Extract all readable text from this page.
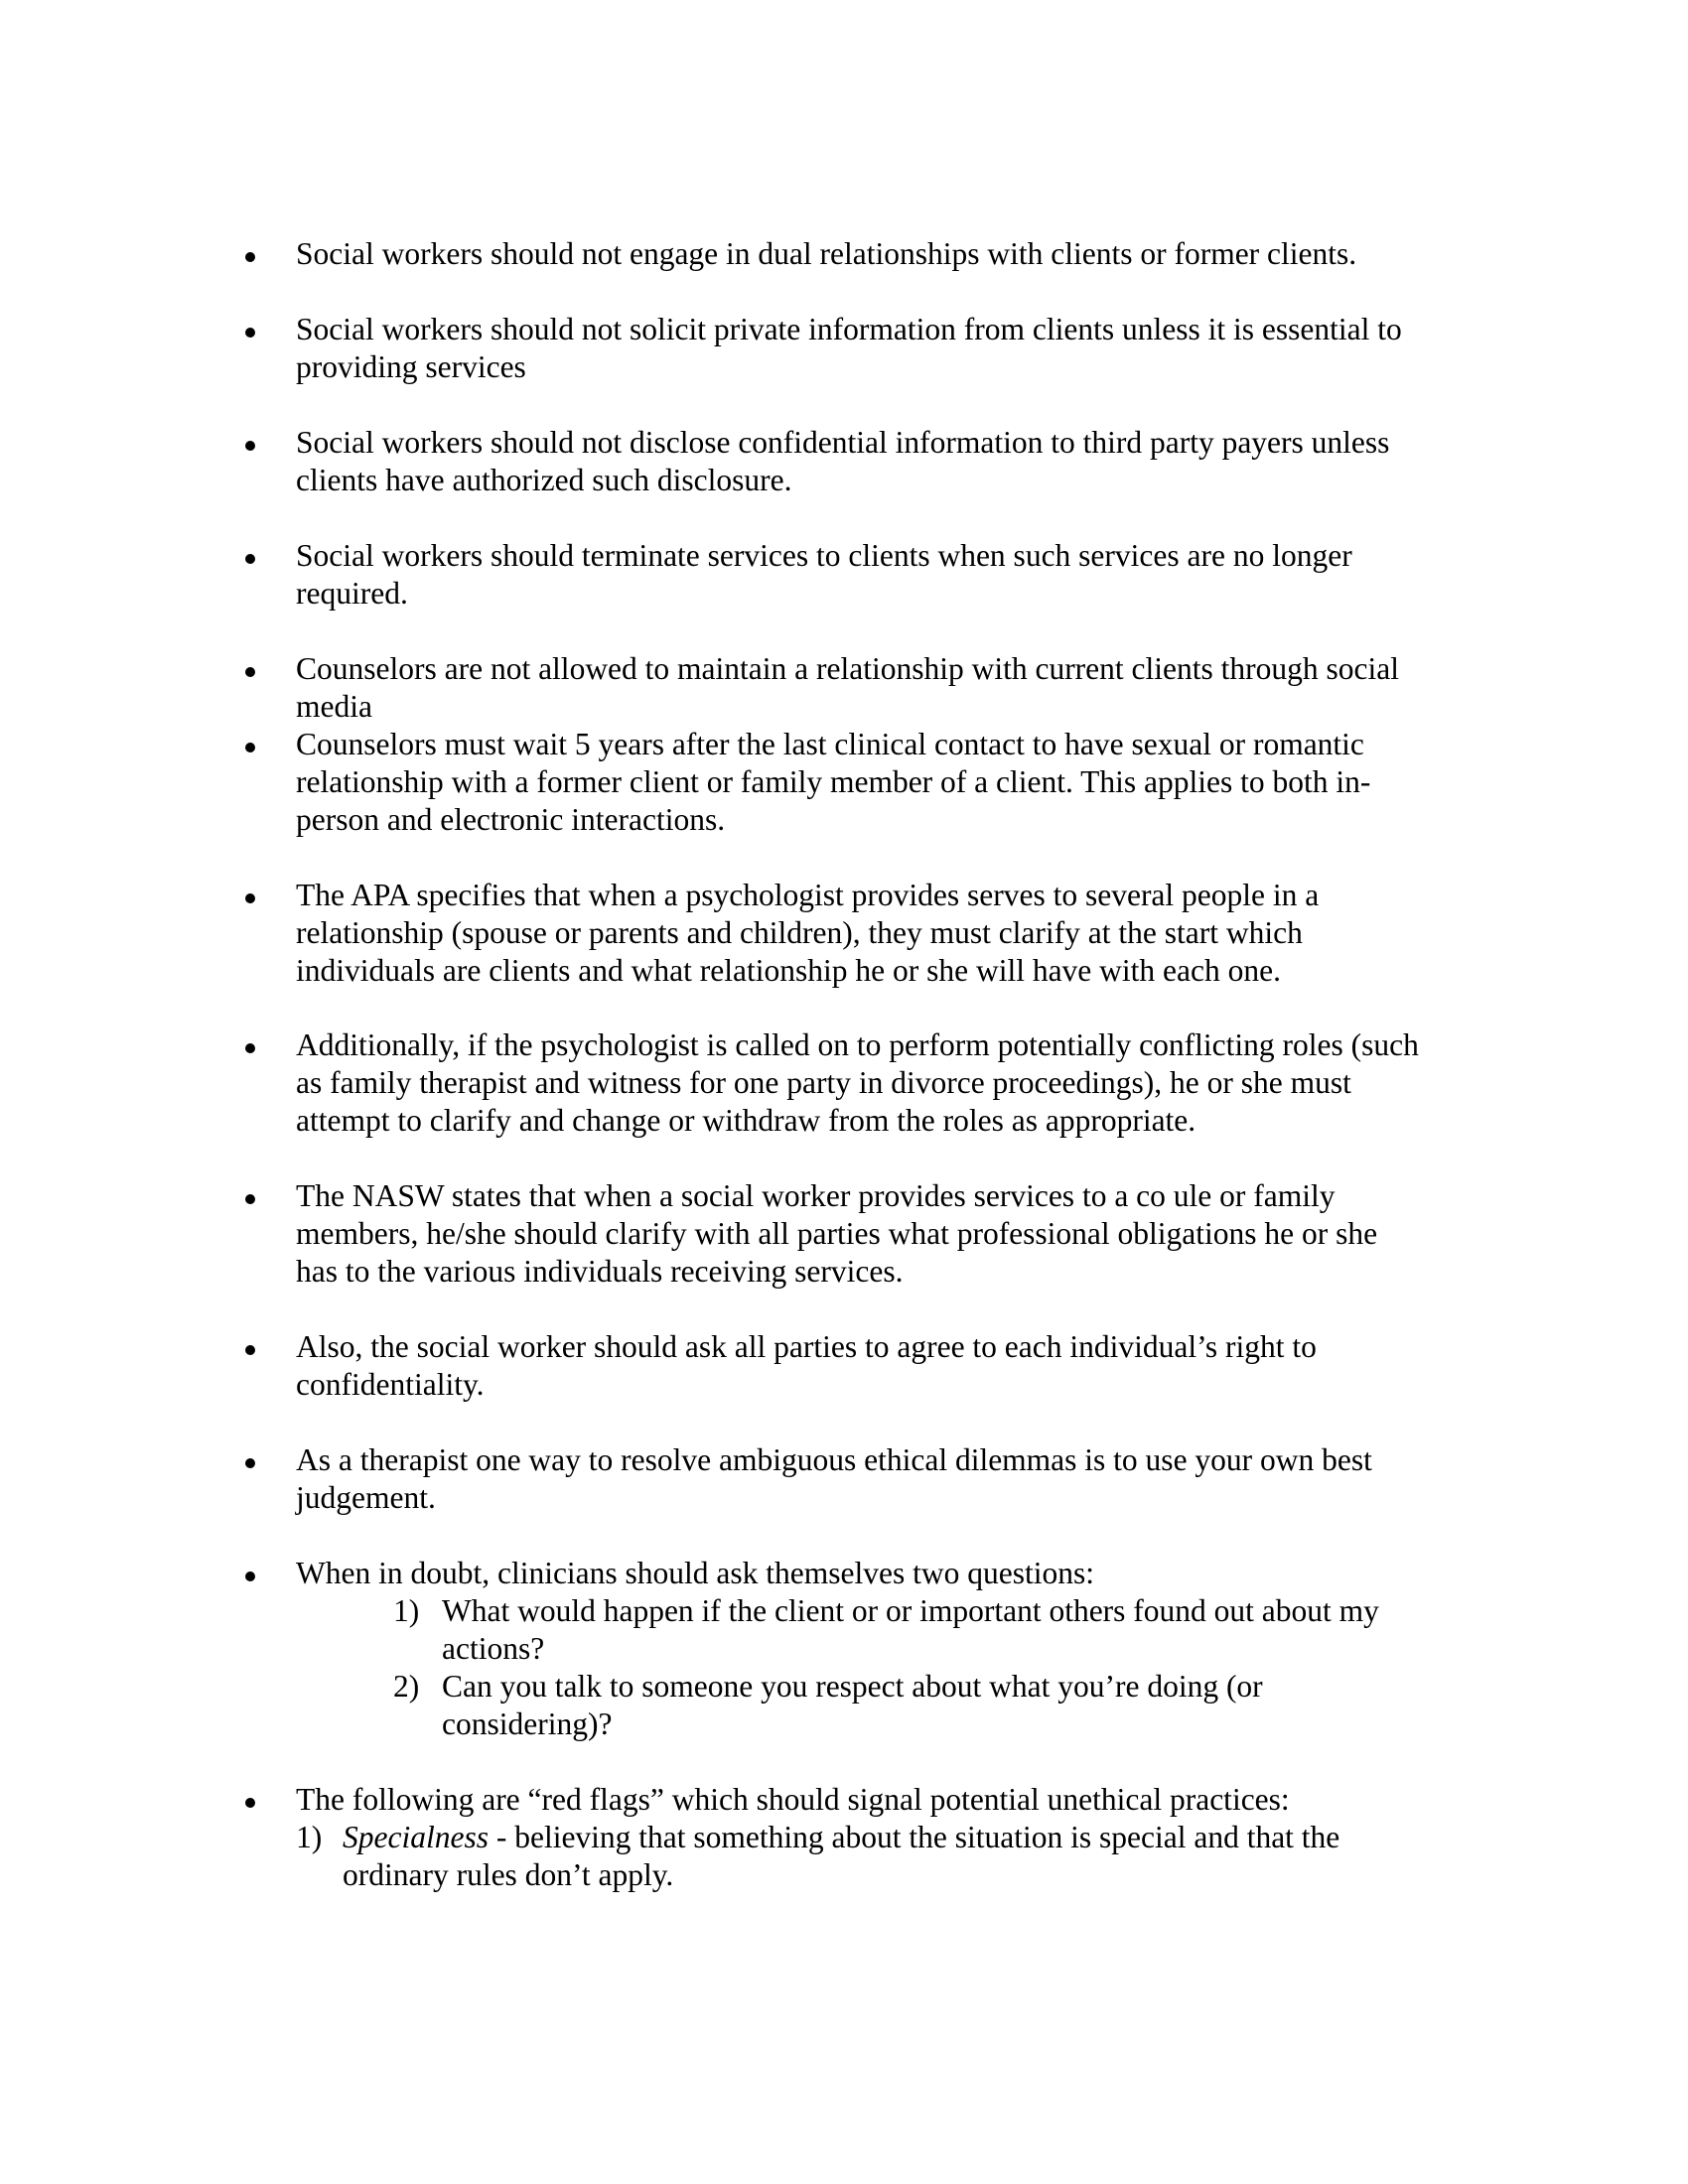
Social workers should not engage in dual relationships with clients or former clients.
Social workers should not solicit private information from clients unless it is essential to
providing services
Social workers should not disclose confidential information to third party payers unless
clients have authorized such disclosure.
Social workers should terminate services to clients when such services are no longer
required.
Counselors are not allowed to maintain a relationship with current clients through social
media
Counselors must wait 5 years after the last clinical contact to have sexual or romantic
relationship with a former client or family member of a client. This applies to both in-
person and electronic interactions.
The APA specifies that when a psychologist provides serves to several people in a
relationship (spouse or parents and children), they must clarify at the start which
individuals are clients and what relationship he or she will have with each one.
Additionally, if the psychologist is called on to perform potentially conflicting roles (such
as family therapist and witness for one party in divorce proceedings), he or she must
attempt to clarify and change or withdraw from the roles as appropriate.
The NASW states that when a social worker provides services to a co ule or family
members, he/she should clarify with all parties what professional obligations he or she
has to the various individuals receiving services.
Also, the social worker should ask all parties to agree to each individual’s right to
confidentiality.
As a therapist one way to resolve ambiguous ethical dilemmas is to use your own best
judgement.
When in doubt, clinicians should ask themselves two questions:
1) What would happen if the client or or important others found out about my
actions?
2) Can you talk to someone you respect about what you’re doing (or
considering)?
The following are “red flags” which should signal potential unethical practices:
1) Specialness - believing that something about the situation is special and that the
ordinary rules don’t apply.
